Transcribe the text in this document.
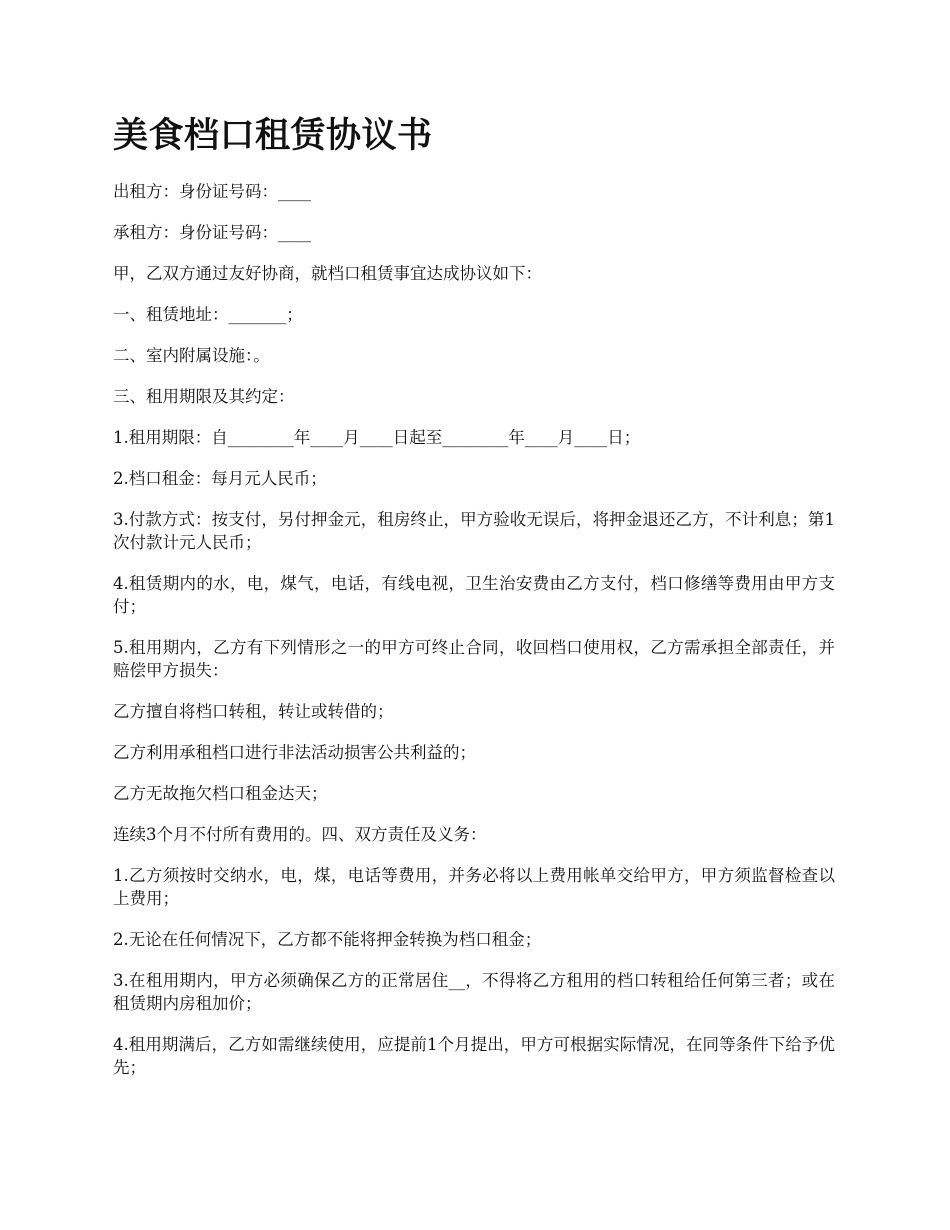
美食档口租赁协议书

出租方：身份证号码：____

承租方：身份证号码：____

甲，乙双方通过友好协商，就档口租赁事宜达成协议如下：

一、租赁地址：_______；

二、室内附属设施：。

三、租用期限及其约定：

1.租用期限：自________年____月____日起至________年____月____日；

2.档口租金：每月元人民币；

3.付款方式：按支付，另付押金元，租房终止，甲方验收无误后，将押金退还乙方，不计利息；第1次付款计元人民币；

4.租赁期内的水，电，煤气，电话，有线电视，卫生治安费由乙方支付，档口修缮等费用由甲方支付；

5.租用期内，乙方有下列情形之一的甲方可终止合同，收回档口使用权，乙方需承担全部责任，并赔偿甲方损失：

乙方擅自将档口转租，转让或转借的；

乙方利用承租档口进行非法活动损害公共利益的；

乙方无故拖欠档口租金达天；

连续3个月不付所有费用的。四、双方责任及义务：

1.乙方须按时交纳水，电，煤，电话等费用，并务必将以上费用帐单交给甲方，甲方须监督检查以上费用；

2.无论在任何情况下，乙方都不能将押金转换为档口租金；

3.在租用期内，甲方必须确保乙方的正常居住__，不得将乙方租用的档口转租给任何第三者；或在租赁期内房租加价；

4.租用期满后，乙方如需继续使用，应提前1个月提出，甲方可根据实际情况，在同等条件下给予优先；
